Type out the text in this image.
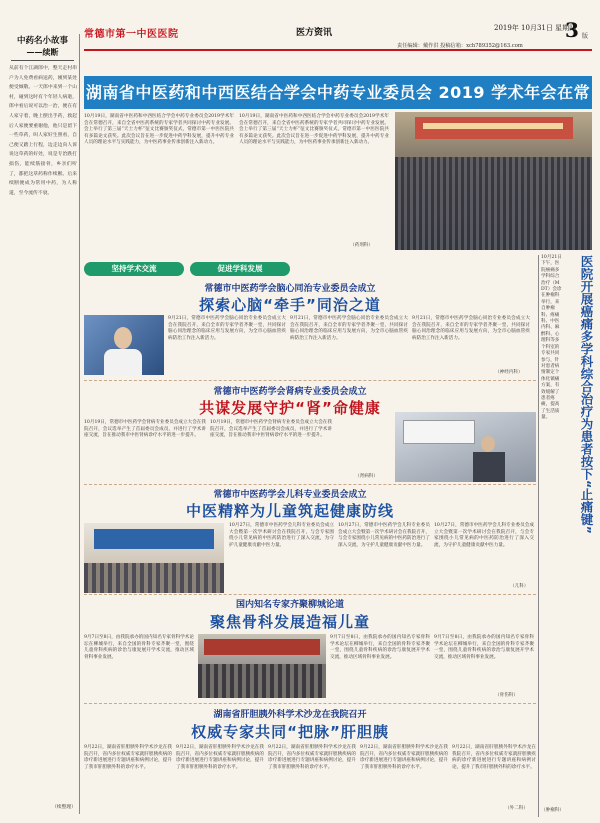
常德市第一中医医院	医方资讯	2019年 10月31日 星期四
3 版
责任编辑：戴作洪 投稿信箱：xch789352@163.com
中药名小故事
——续断
从前有个江湖郎中，整天走村串户为人免费看病送药，刚到某处便受倾敬。一天郎中来到一个山村，碰到这时有个年轻人病逝，郎中看后说可以治一治，便在有人家守着，晚上摆出手药，救起后人家便要重谢他，他只是留下一些草药，叫人家好生照看，自己便又踏上行程，边走边向人诉说这草药的好处，说是专治跌打损伤，能续筋接骨，乡亲们听了，都把这草药称作续断。后来续断便成为常用中药，为人称道，至今流传不衰。
（续整理）
湖南省中医药和中西医结合学会中药专业委员会 2019 学术年会在常召开
10月19日，湖南省中医药和中西医结合学会中药专业委员会2019学术年会在常德召开，来自全省中医药系统的专家学者共同探讨中药专业发展。会上举行了第三届“天士力杯”征文比赛颁奖仪式，常德市第一中医医院共有多篇论文获奖。此次会议旨在进一步促进中药学科发展，提升中药专业人员的理论水平与实践能力，为中医药事业传承创新注入新动力。
10月19日，湖南省中医药和中西医结合学会中药专业委员会2019学术年会在常德召开，来自全省中医药系统的专家学者共同探讨中药专业发展。会上举行了第三届“天士力杯”征文比赛颁奖仪式，常德市第一中医医院共有多篇论文获奖。此次会议旨在进一步促进中药学科发展，提升中药专业人员的理论水平与实践能力，为中医药事业传承创新注入新动力。
（药剂科）
坚持学术交流	促进学科发展
常德市中医药学会脑心同治专业委员会成立
探索心脑“牵手”同治之道
9月21日，常德市中医药学会脑心同治专业委员会成立大会在我院召开，来自全市的专家学者齐聚一堂，共同探讨脑心同治理念的临床应用与发展方向，为全市心脑血管疾病防治工作注入新活力。
9月21日，常德市中医药学会脑心同治专业委员会成立大会在我院召开，来自全市的专家学者齐聚一堂，共同探讨脑心同治理念的临床应用与发展方向，为全市心脑血管疾病防治工作注入新活力。
9月21日，常德市中医药学会脑心同治专业委员会成立大会在我院召开，来自全市的专家学者齐聚一堂，共同探讨脑心同治理念的临床应用与发展方向，为全市心脑血管疾病防治工作注入新活力。
（神经内科）
常德市中医药学会肾病专业委员会成立
共谋发展守护“肾”命健康
10月19日，常德市中医药学会肾病专业委员会成立大会在我院召开，会议选举产生了首届委员会成员，并进行了学术讲座交流，旨在推动我市中医肾病诊疗水平的进一步提升。
10月19日，常德市中医药学会肾病专业委员会成立大会在我院召开，会议选举产生了首届委员会成员，并进行了学术讲座交流，旨在推动我市中医肾病诊疗水平的进一步提升。
（肾病科）
常德市中医药学会儿科专业委员会成立
中医精粹为儿童筑起健康防线
10月27日，常德市中医药学会儿科专业委员会成立大会暨第一次学术研讨会在我院召开，与会专家围绕小儿常见病的中医药防治进行了深入交流，为守护儿童健康贡献中医力量。
10月27日，常德市中医药学会儿科专业委员会成立大会暨第一次学术研讨会在我院召开，与会专家围绕小儿常见病的中医药防治进行了深入交流，为守护儿童健康贡献中医力量。
10月27日，常德市中医药学会儿科专业委员会成立大会暨第一次学术研讨会在我院召开，与会专家围绕小儿常见病的中医药防治进行了深入交流，为守护儿童健康贡献中医力量。
（儿科）
国内知名专家齐聚柳城论道
聚焦骨科发展造福儿童
9月7日至8日，由我院承办的国内知名专家骨科学术论坛在柳城举行，来自全国的骨科专家齐聚一堂，围绕儿童骨科疾病的诊治与康复展开学术交流，推动区域骨科事业发展。
9月7日至8日，由我院承办的国内知名专家骨科学术论坛在柳城举行，来自全国的骨科专家齐聚一堂，围绕儿童骨科疾病的诊治与康复展开学术交流，推动区域骨科事业发展。
9月7日至8日，由我院承办的国内知名专家骨科学术论坛在柳城举行，来自全国的骨科专家齐聚一堂，围绕儿童骨科疾病的诊治与康复展开学术交流，推动区域骨科事业发展。
（骨伤科）
湖南省肝胆胰外科学术沙龙在我院召开
权威专家共同“把脉”肝胆胰
9月22日，湖南省肝胆胰外科学术沙龙在我院召开，省内多位权威专家就肝胆胰疾病的诊疗新进展进行专题讲座和病例讨论，提升了我市肝胆胰外科的诊疗水平。
9月22日，湖南省肝胆胰外科学术沙龙在我院召开，省内多位权威专家就肝胆胰疾病的诊疗新进展进行专题讲座和病例讨论，提升了我市肝胆胰外科的诊疗水平。
9月22日，湖南省肝胆胰外科学术沙龙在我院召开，省内多位权威专家就肝胆胰疾病的诊疗新进展进行专题讲座和病例讨论，提升了我市肝胆胰外科的诊疗水平。
9月22日，湖南省肝胆胰外科学术沙龙在我院召开，省内多位权威专家就肝胆胰疾病的诊疗新进展进行专题讲座和病例讨论，提升了我市肝胆胰外科的诊疗水平。
9月22日，湖南省肝胆胰外科学术沙龙在我院召开，省内多位权威专家就肝胆胰疾病的诊疗新进展进行专题讲座和病例讨论，提升了我市肝胆胰外科的诊疗水平。
（外二科）
医院开展癌痛多学科综合治疗为患者按下“止痛键”
10月21日下午，医院癌痛多学科综合治疗（MDT）会诊在肿瘤科举行，来自肿瘤科、疼痛科、中医内科、麻醉科、心理科等多个科室的专家共同参与，针对患者病情制定个体化镇痛方案，有效缓解了患者疼痛，提高了生活质量。
（肿瘤科）
